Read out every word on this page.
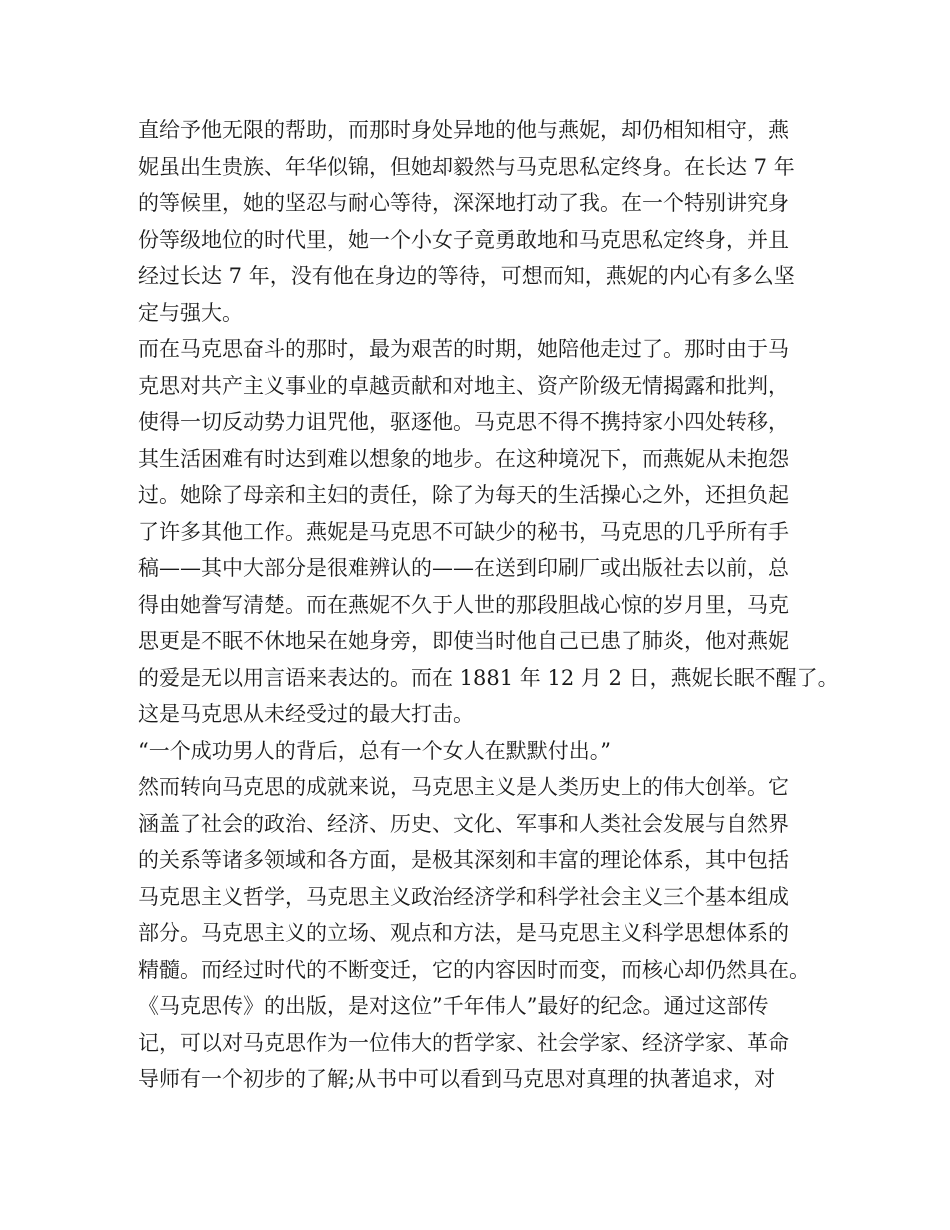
直给予他无限的帮助，而那时身处异地的他与燕妮，却仍相知相守，燕
妮虽出生贵族、年华似锦，但她却毅然与马克思私定终身。在长达 7 年
的等候里，她的坚忍与耐心等待，深深地打动了我。在一个特别讲究身
份等级地位的时代里，她一个小女子竟勇敢地和马克思私定终身，并且
经过长达 7 年，没有他在身边的等待，可想而知，燕妮的内心有多么坚
定与强大。
而在马克思奋斗的那时，最为艰苦的时期，她陪他走过了。那时由于马
克思对共产主义事业的卓越贡献和对地主、资产阶级无情揭露和批判，
使得一切反动势力诅咒他，驱逐他。马克思不得不携持家小四处转移，
其生活困难有时达到难以想象的地步。在这种境况下，而燕妮从未抱怨
过。她除了母亲和主妇的责任，除了为每天的生活操心之外，还担负起
了许多其他工作。燕妮是马克思不可缺少的秘书，马克思的几乎所有手
稿——其中大部分是很难辨认的——在送到印刷厂或出版社去以前，总
得由她誊写清楚。而在燕妮不久于人世的那段胆战心惊的岁月里，马克
思更是不眠不休地呆在她身旁，即使当时他自己已患了肺炎，他对燕妮
的爱是无以用言语来表达的。而在 1881 年 12 月 2 日，燕妮长眠不醒了。
这是马克思从未经受过的最大打击。
“一个成功男人的背后，总有一个女人在默默付出。”
然而转向马克思的成就来说，马克思主义是人类历史上的伟大创举。它
涵盖了社会的政治、经济、历史、文化、军事和人类社会发展与自然界
的关系等诸多领域和各方面，是极其深刻和丰富的理论体系，其中包括
马克思主义哲学，马克思主义政治经济学和科学社会主义三个基本组成
部分。马克思主义的立场、观点和方法，是马克思主义科学思想体系的
精髓。而经过时代的不断变迁，它的内容因时而变，而核心却仍然具在。
《马克思传》的出版，是对这位”千年伟人”最好的纪念。通过这部传
记，可以对马克思作为一位伟大的哲学家、社会学家、经济学家、革命
导师有一个初步的了解;从书中可以看到马克思对真理的执著追求，对
